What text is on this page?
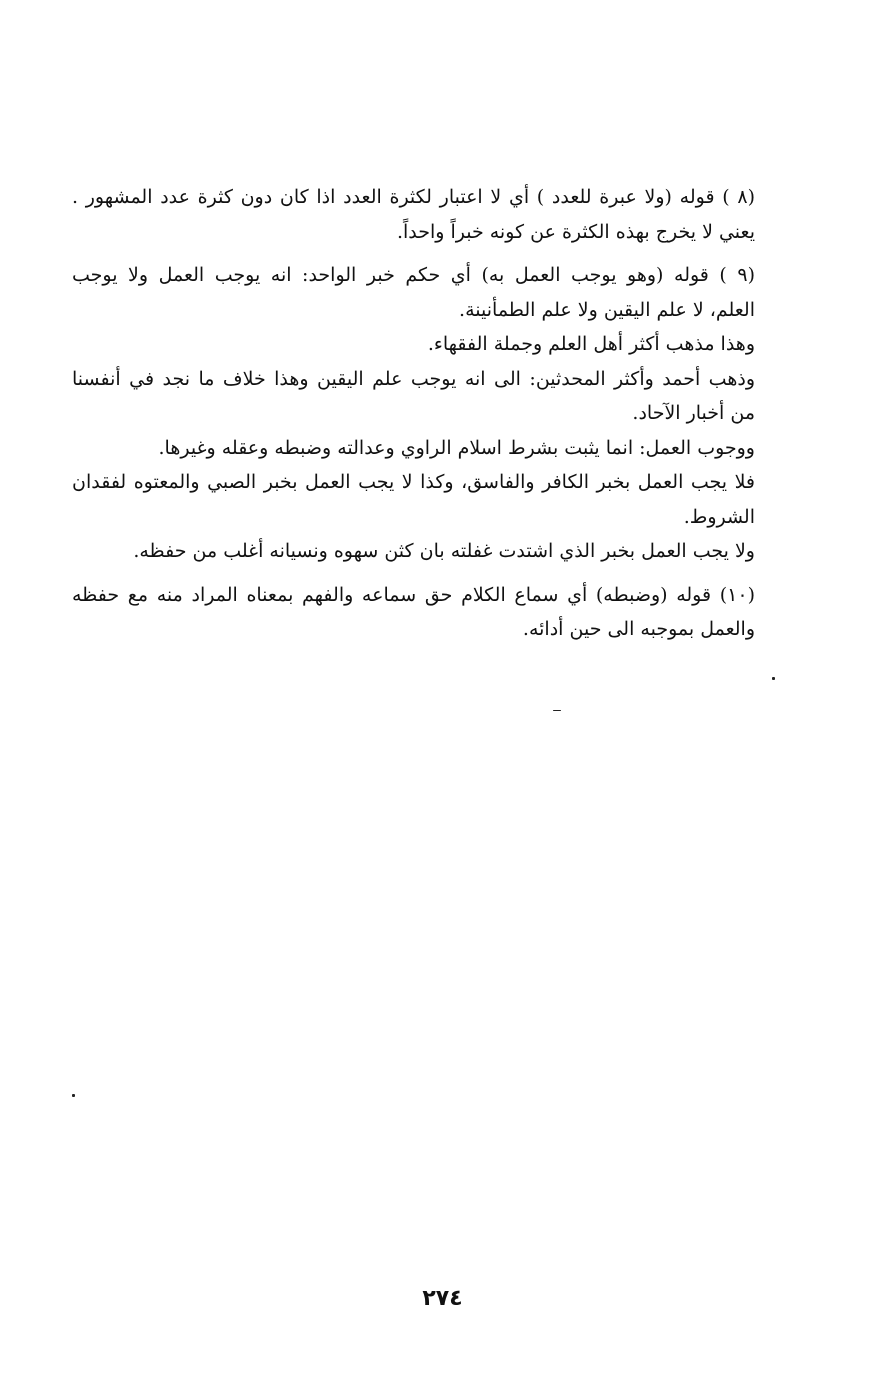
(٨ ) قوله (ولا عبرة للعدد ) أي لا اعتبار لكثرة العدد اذا كان دون كثرة عدد المشهور .
يعني لا يخرج بهذه الكثرة عن كونه خبراً واحداً.

(٩ ) قوله (وهو يوجب العمل به) أي حكم خبر الواحد: انه يوجب العمل ولا يوجب
العلم، لا علم اليقين ولا علم الطمأنينة.
وهذا مذهب أكثر أهل العلم وجملة الفقهاء.
وذهب أحمد وأكثر المحدثين: الى انه يوجب علم اليقين وهذا خلاف ما نجد في أنفسنا
من أخبار الآحاد.
ووجوب العمل: انما يثبت بشرط اسلام الراوي وعدالته وضبطه وعقله وغيرها.
فلا يجب العمل بخبر الكافر والفاسق، وكذا لا يجب العمل بخبر الصبي والمعتوه لفقدان
الشروط.
ولا يجب العمل بخبر الذي اشتدت غفلته بان كثن سهوه ونسيانه أغلب من حفظه.

(١٠) قوله (وضبطه) أي سماع الكلام حق سماعه والفهم بمعناه المراد منه مع حفظه
والعمل بموجبه الى حين أدائه.

٢٧٤
